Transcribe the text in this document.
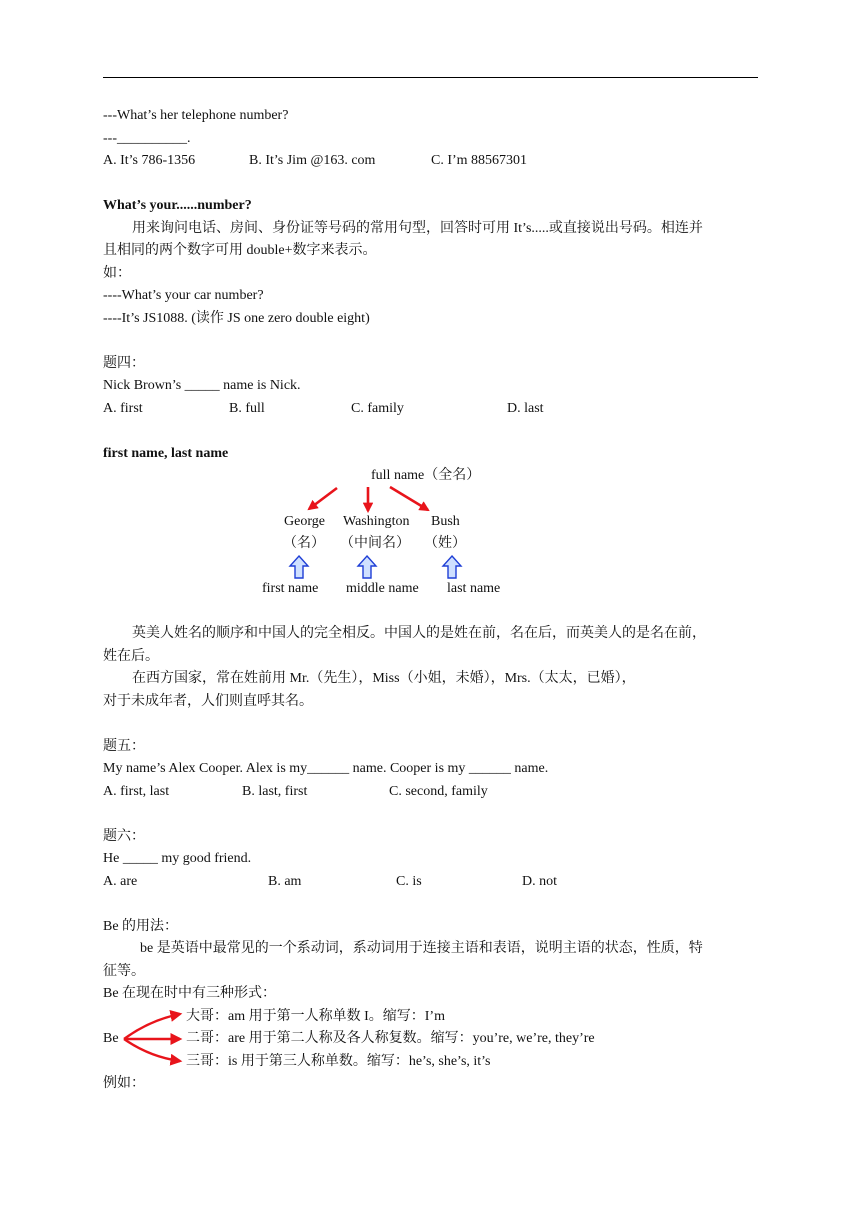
---What’s her telephone number?
---__________.
A. It’s 786-1356	B. It’s Jim @163. com	C. I’m 88567301
What’s your......number?
用来询问电话、房间、身份证等号码的常用句型，回答时可用 It’s.....或直接说出号码。相连并
且相同的两个数字可用 double+数字来表示。
如：
----What’s your car number?
----It’s JS1088. (读作 JS one zero double eight)
题四：
Nick Brown’s _____ name is Nick.
A. first	B. full	C. family	D. last
first name, last name
full name（全名）
George Washington Bush
（名） （中间名） （姓）
first name middle name last name
英美人姓名的顺序和中国人的完全相反。中国人的是姓在前，名在后，而英美人的是名在前，
姓在后。
在西方国家，常在姓前用 Mr.（先生），Miss（小姐，未婚），Mrs.（太太，已婚），
对于未成年者，人们则直呼其名。
题五：
My name’s Alex Cooper. Alex is my______ name. Cooper is my ______ name.
A. first, last	B. last, first	C. second, family
题六：
He _____ my good friend.
A. are	B. am	C. is	D. not
Be 的用法：
be 是英语中最常见的一个系动词，系动词用于连接主语和表语，说明主语的状态，性质，特
征等。
Be 在现在时中有三种形式：
Be
大哥：am 用于第一人称单数 I。缩写：I’m
二哥：are 用于第二人称及各人称复数。缩写：you’re, we’re, they’re
三哥：is 用于第三人称单数。缩写：he’s, she’s, it’s
例如：
